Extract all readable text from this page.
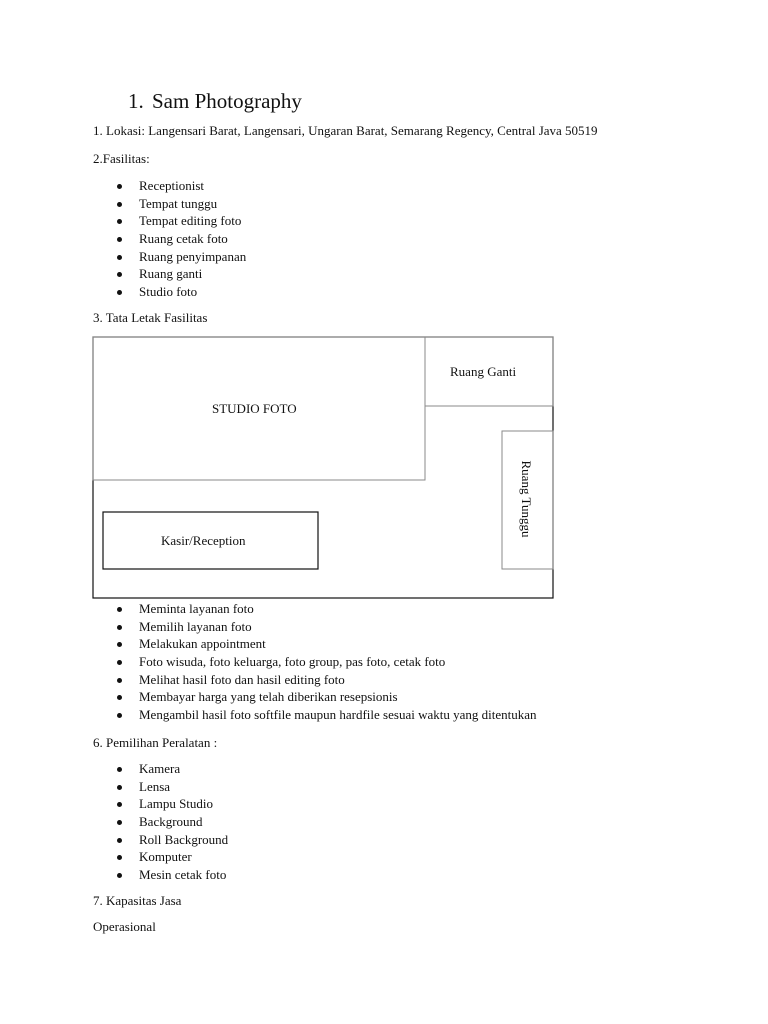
1. Sam Photography
1. Lokasi: Langensari Barat, Langensari, Ungaran Barat, Semarang Regency, Central Java 50519
2.Fasilitas:
Receptionist
Tempat tunggu
Tempat editing foto
Ruang cetak foto
Ruang penyimpanan
Ruang ganti
Studio foto
3. Tata Letak Fasilitas
STUDIO FOTO
Ruang Ganti
Ruang Tunggu
Kasir/Reception
Meminta layanan foto
Memilih layanan foto
Melakukan appointment
Foto wisuda, foto keluarga, foto group, pas foto, cetak foto
Melihat hasil foto dan hasil editing foto
Membayar harga yang telah diberikan resepsionis
Mengambil hasil foto softfile maupun hardfile sesuai waktu yang ditentukan
6. Pemilihan Peralatan :
Kamera
Lensa
Lampu Studio
Background
Roll Background
Komputer
Mesin cetak foto
7. Kapasitas Jasa
Operasional
